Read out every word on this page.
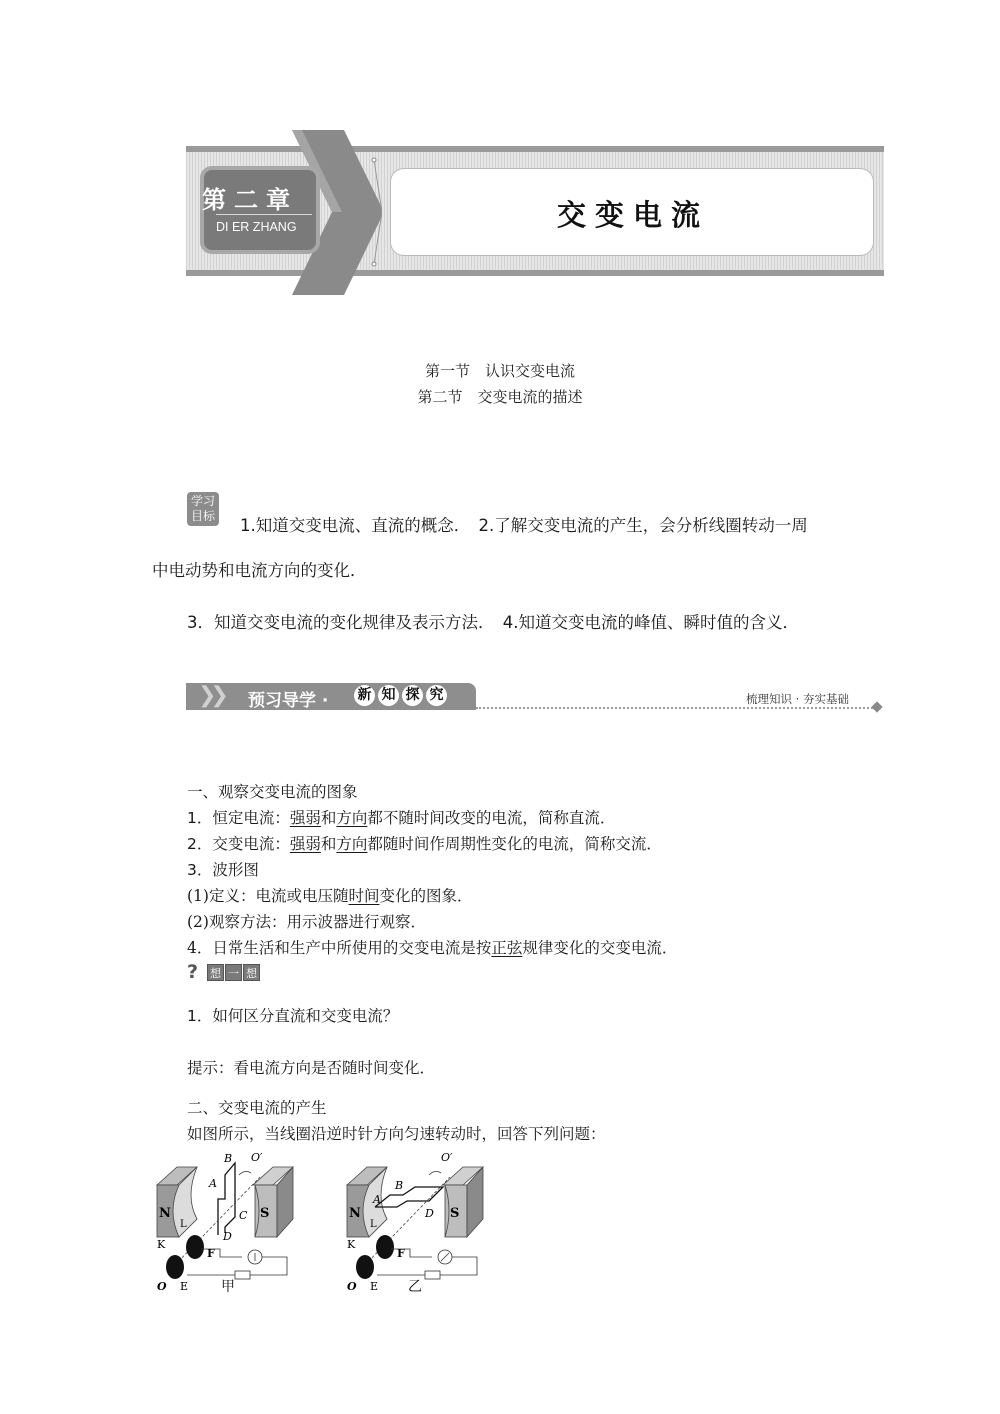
第二章
DI ER ZHANG	交变电流
第一节　认识交变电流
第二节　交变电流的描述
学习
目标 1.知道交变电流、直流的概念．　2.了解交变电流的产生，会分析线圈转动一周
中电动势和电流方向的变化．
3．知道交变电流的变化规律及表示方法．　4.知道交变电流的峰值、瞬时值的含义．
❯❯ 预习导学 · 新 知 探 究	梳理知识 · 夯实基础
一、观察交变电流的图象
1．恒定电流：强弱和方向都不随时间改变的电流，简称直流．
2．交变电流：强弱和方向都随时间作周期性变化的电流，简称交流．
3．波形图
(1)定义：电流或电压随时间变化的图象．
(2)观察方法：用示波器进行观察．
4．日常生活和生产中所使用的交变电流是按正弦规律变化的交变电流．
? 想 一 想
1．如何区分直流和交变电流？
提示：看电流方向是否随时间变化．
二、交变电流的产生
如图所示，当线圈沿逆时针方向匀速转动时，回答下列问题：
N	S
B
A
C
D
O′
L
K
F
E
O	甲
N	S
B
A
D
O′
L
K
F
E
O	乙
